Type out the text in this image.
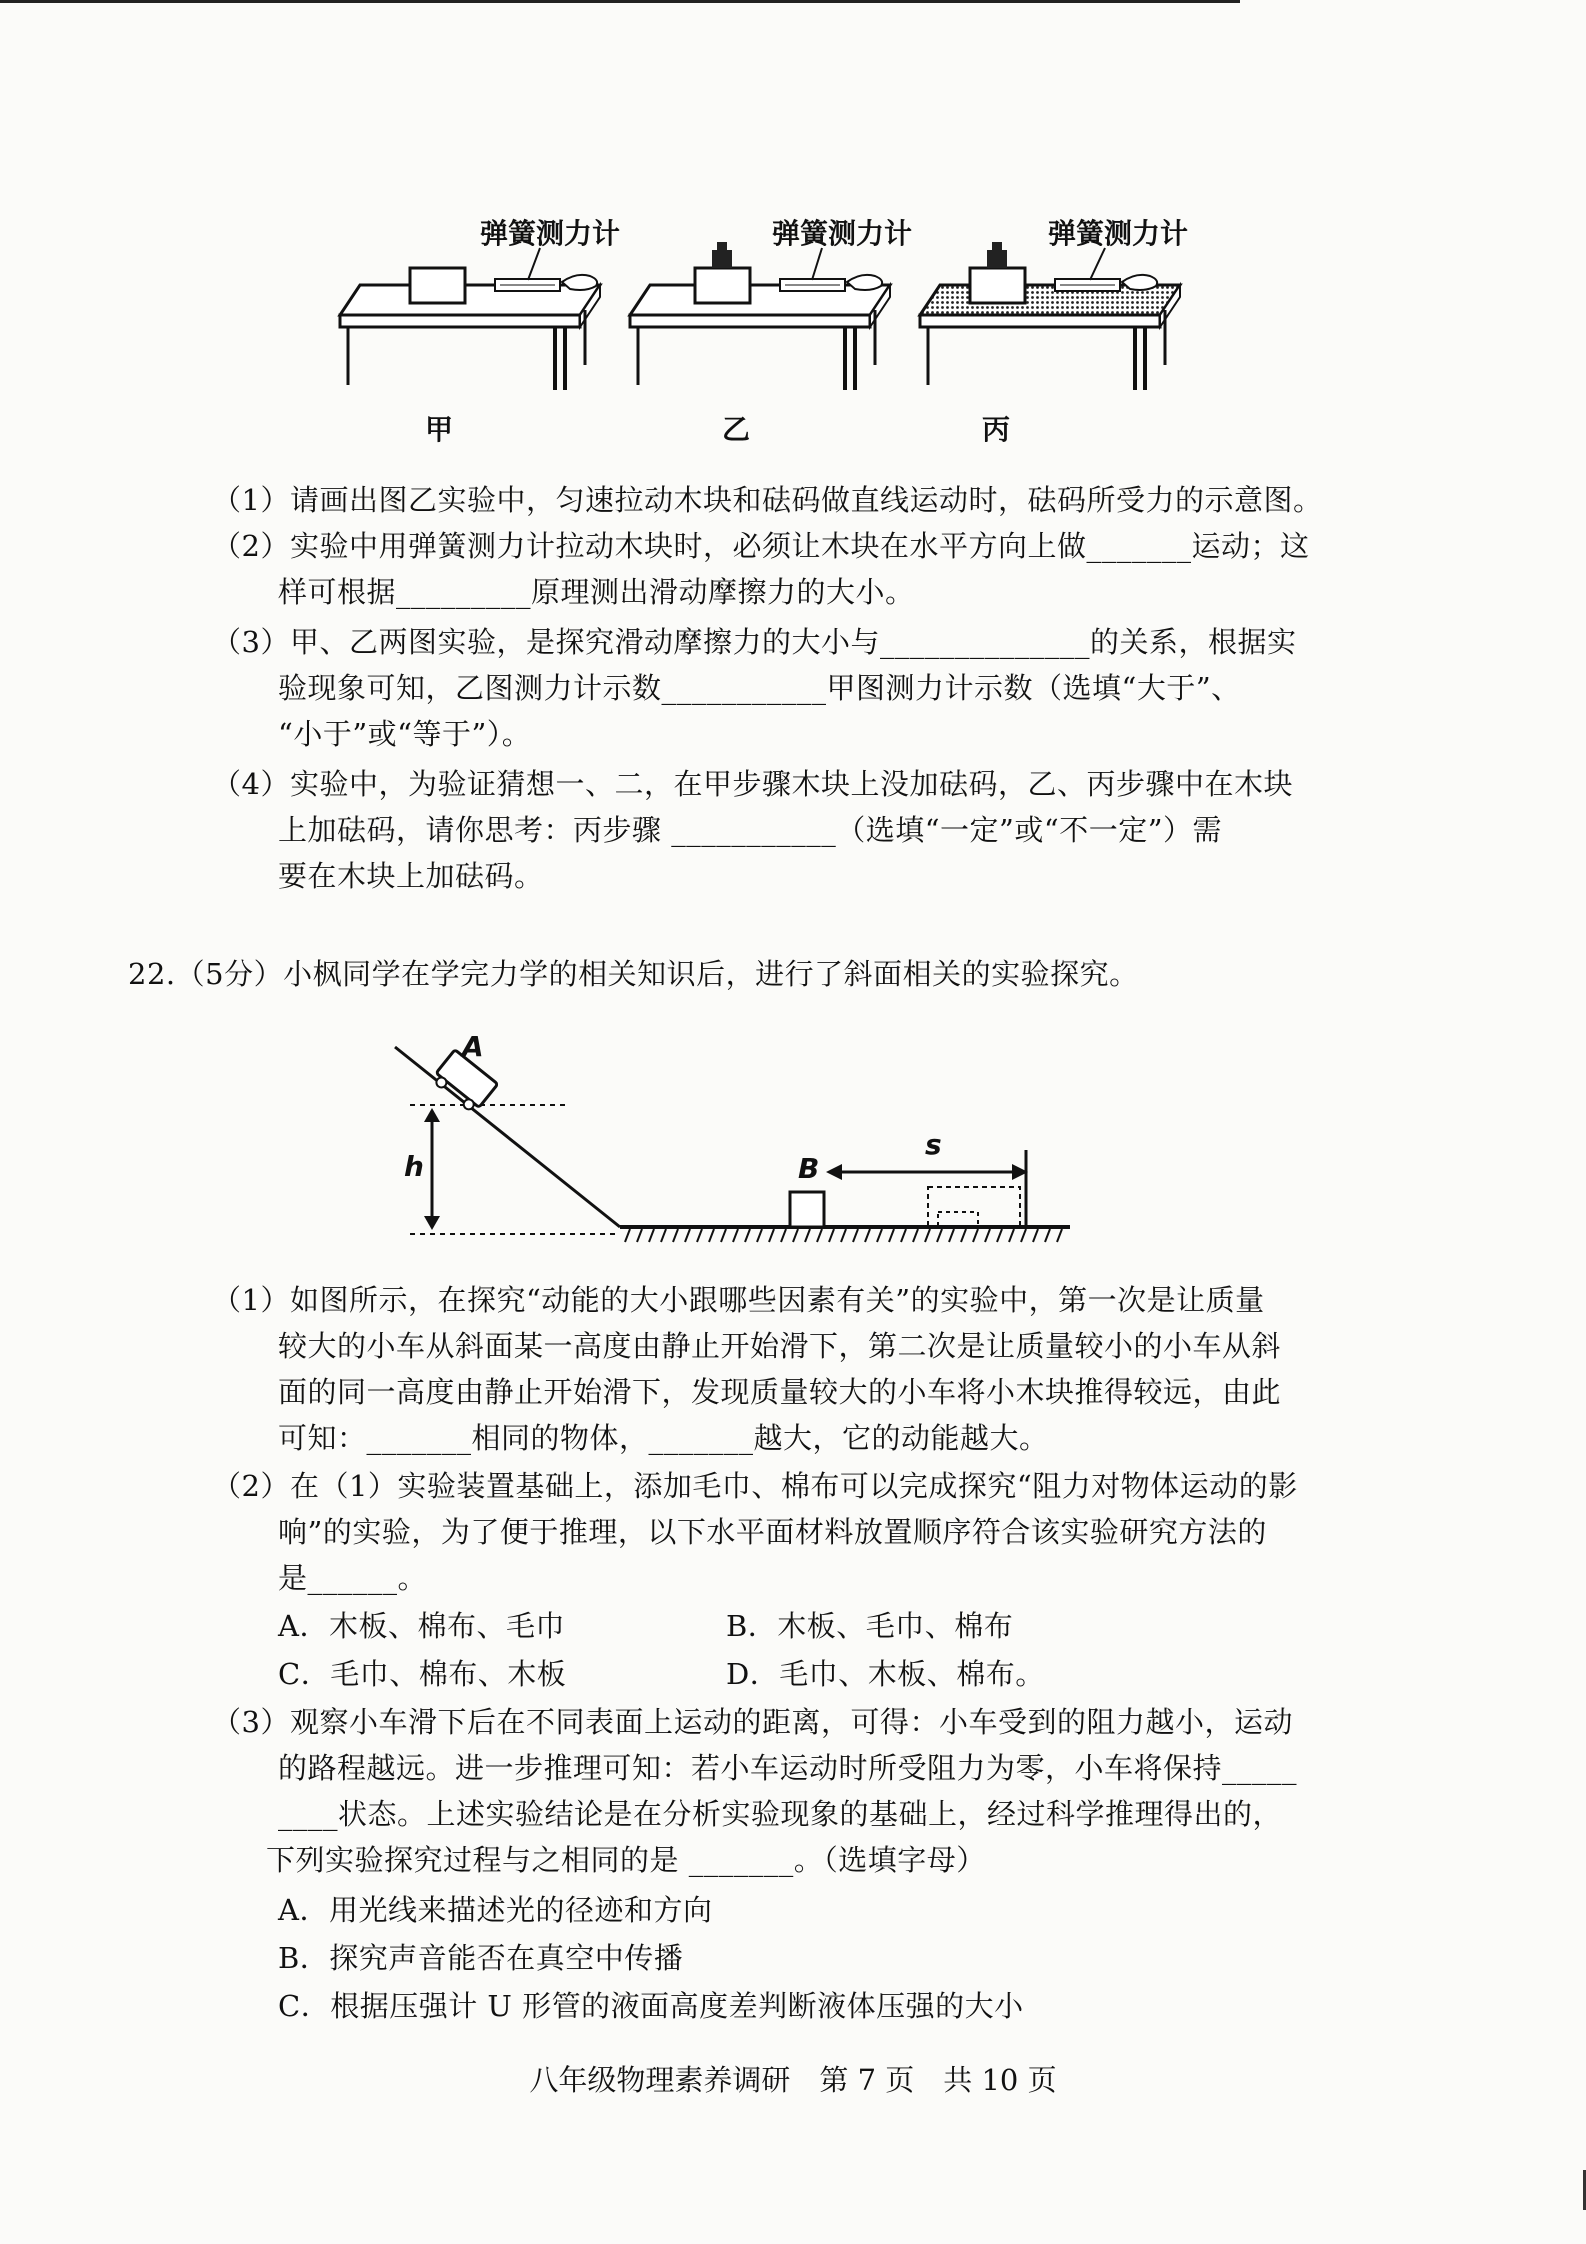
弹簧测力计	弹簧测力计	弹簧测力计
甲	乙	丙
（1）请画出图乙实验中，匀速拉动木块和砝码做直线运动时，砝码所受力的示意图。
（2）实验中用弹簧测力计拉动木块时，必须让木块在水平方向上做_______运动；这
样可根据_________原理测出滑动摩擦力的大小。
（3）甲、乙两图实验，是探究滑动摩擦力的大小与______________的关系，根据实
验现象可知，乙图测力计示数___________甲图测力计示数（选填“大于”、
“小于”或“等于”）。
（4）实验中，为验证猜想一、二，在甲步骤木块上没加砝码，乙、丙步骤中在木块
上加砝码，请你思考：丙步骤 ___________（选填“一定”或“不一定”）需
要在木块上加砝码。
22.（5分）小枫同学在学完力学的相关知识后，进行了斜面相关的实验探究。
A
B
h
s
（1）如图所示，在探究“动能的大小跟哪些因素有关”的实验中，第一次是让质量
较大的小车从斜面某一高度由静止开始滑下，第二次是让质量较小的小车从斜
面的同一高度由静止开始滑下，发现质量较大的小车将小木块推得较远，由此
可知：_______相同的物体，_______越大，它的动能越大。
（2）在（1）实验装置基础上，添加毛巾、棉布可以完成探究“阻力对物体运动的影
响”的实验，为了便于推理，以下水平面材料放置顺序符合该实验研究方法的
是______。
A．木板、棉布、毛巾	B．木板、毛巾、棉布
C．毛巾、棉布、木板	D．毛巾、木板、棉布。
（3）观察小车滑下后在不同表面上运动的距离，可得：小车受到的阻力越小，运动
的路程越远。进一步推理可知：若小车运动时所受阻力为零，小车将保持_____
____状态。上述实验结论是在分析实验现象的基础上，经过科学推理得出的，
下列实验探究过程与之相同的是 _______。（选填字母）
A．用光线来描述光的径迹和方向
B．探究声音能否在真空中传播
C．根据压强计 U 形管的液面高度差判断液体压强的大小
八年级物理素养调研　第 7 页　共 10 页
